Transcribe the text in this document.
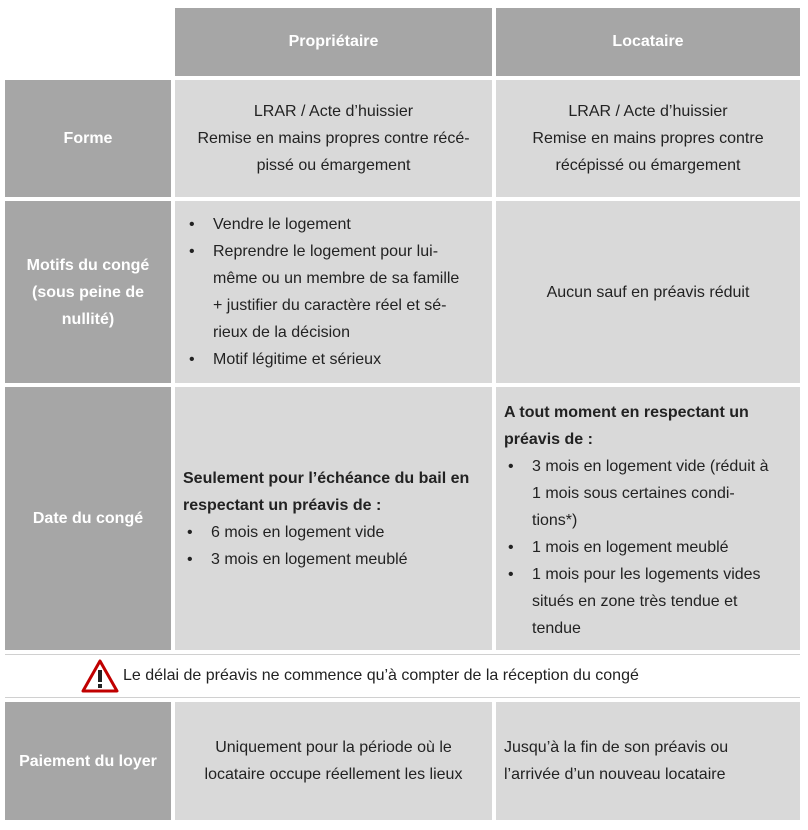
Propriétaire	Locataire
Forme
LRAR / Acte d’huissier
Remise en mains propres contre récé-
pissé ou émargement
LRAR / Acte d’huissier
Remise en mains propres contre
récépissé ou émargement
Motifs du congé
(sous peine de
nullité)
• Vendre le logement
• Reprendre le logement pour lui-
même ou un membre de sa famille
+ justifier du caractère réel et sé-
rieux de la décision
• Motif légitime et sérieux
Aucun sauf en préavis réduit
Date du congé
Seulement pour l’échéance du bail en
respectant un préavis de :
• 6 mois en logement vide
• 3 mois en logement meublé
A tout moment en respectant un
préavis de :
• 3 mois en logement vide (réduit à
1 mois sous certaines condi-
tions*)
• 1 mois en logement meublé
• 1 mois pour les logements vides
situés en zone très tendue et
tendue
Le délai de préavis ne commence qu’à compter de la réception du congé
Paiement du loyer
Uniquement pour la période où le
locataire occupe réellement les lieux
Jusqu’à la fin de son préavis ou
l’arrivée d’un nouveau locataire
